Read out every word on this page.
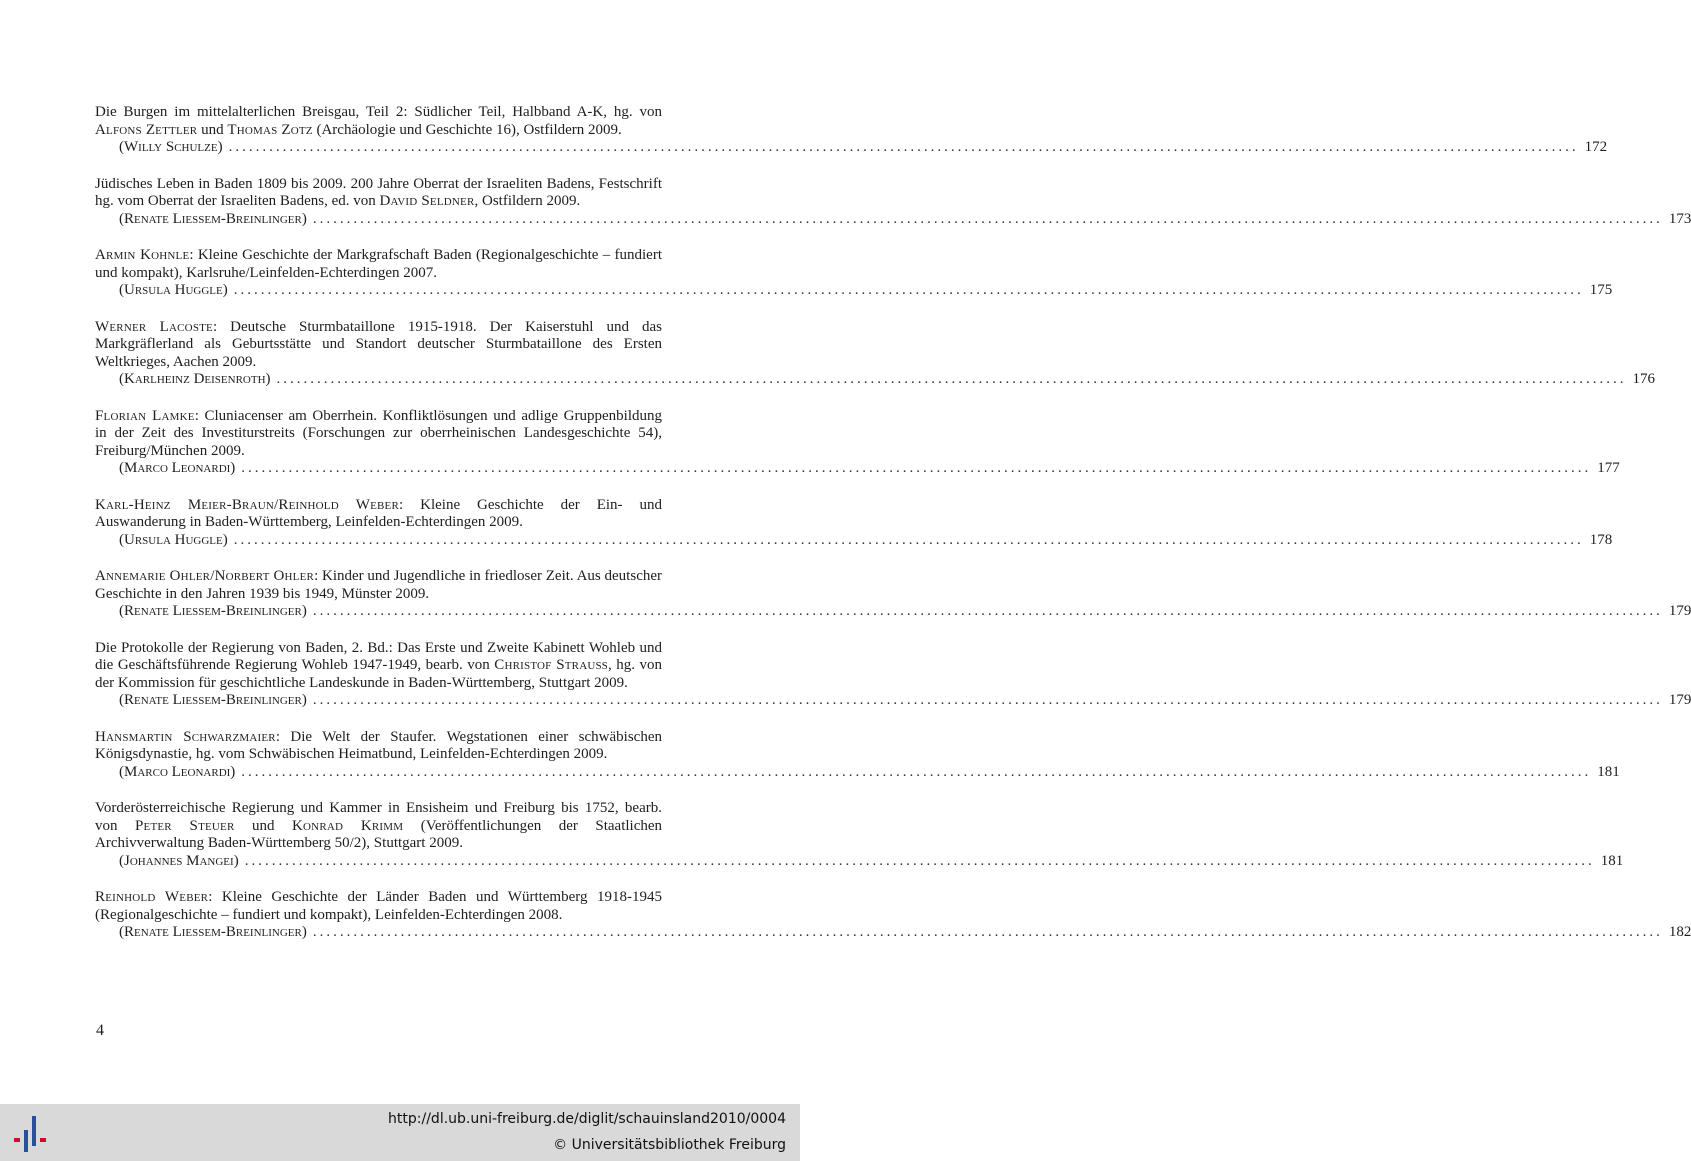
Die Burgen im mittelalterlichen Breisgau, Teil 2: Südlicher Teil, Halbband A-K, hg. von Alfons Zettler und Thomas Zotz (Archäologie und Geschichte 16), Ostfildern 2009.
(Willy Schulze) ........................................................................................................................................................................................................ 172
Jüdisches Leben in Baden 1809 bis 2009. 200 Jahre Oberrat der Israeliten Badens, Festschrift hg. vom Oberrat der Israeliten Badens, ed. von David Seldner, Ostfildern 2009.
(Renate Liessem-Breinlinger) ........................................................................................................................................................................................................ 173
Armin Kohnle: Kleine Geschichte der Markgrafschaft Baden (Regionalgeschichte – fundiert und kompakt), Karlsruhe/Leinfelden-Echterdingen 2007.
(Ursula Huggle) ........................................................................................................................................................................................................ 175
Werner Lacoste: Deutsche Sturmbataillone 1915-1918. Der Kaiserstuhl und das Markgräflerland als Geburtsstätte und Standort deutscher Sturmbataillone des Ersten Weltkrieges, Aachen 2009.
(Karlheinz Deisenroth) ........................................................................................................................................................................................................ 176
Florian Lamke: Cluniacenser am Oberrhein. Konfliktlösungen und adlige Gruppenbildung in der Zeit des Investiturstreits (Forschungen zur oberrheinischen Landesgeschichte 54), Freiburg/München 2009.
(Marco Leonardi) ........................................................................................................................................................................................................ 177
Karl-Heinz Meier-Braun/Reinhold Weber: Kleine Geschichte der Ein- und Auswanderung in Baden-Württemberg, Leinfelden-Echterdingen 2009.
(Ursula Huggle) ........................................................................................................................................................................................................ 178
Annemarie Ohler/Norbert Ohler: Kinder und Jugendliche in friedloser Zeit. Aus deutscher Geschichte in den Jahren 1939 bis 1949, Münster 2009.
(Renate Liessem-Breinlinger) ........................................................................................................................................................................................................ 179
Die Protokolle der Regierung von Baden, 2. Bd.: Das Erste und Zweite Kabinett Wohleb und die Geschäftsführende Regierung Wohleb 1947-1949, bearb. von Christof Strauß, hg. von der Kommission für geschichtliche Landeskunde in Baden-Württemberg, Stuttgart 2009.
(Renate Liessem-Breinlinger) ........................................................................................................................................................................................................ 179
Hansmartin Schwarzmaier: Die Welt der Staufer. Wegstationen einer schwäbischen Königsdynastie, hg. vom Schwäbischen Heimatbund, Leinfelden-Echterdingen 2009.
(Marco Leonardi) ........................................................................................................................................................................................................ 181
Vorderösterreichische Regierung und Kammer in Ensisheim und Freiburg bis 1752, bearb. von Peter Steuer und Konrad Krimm (Veröffentlichungen der Staatlichen Archivverwaltung Baden-Württemberg 50/2), Stuttgart 2009.
(Johannes Mangei) ........................................................................................................................................................................................................ 181
Reinhold Weber: Kleine Geschichte der Länder Baden und Württemberg 1918-1945 (Regionalgeschichte – fundiert und kompakt), Leinfelden-Echterdingen 2008.
(Renate Liessem-Breinlinger) ........................................................................................................................................................................................................ 182
4
http://dl.ub.uni-freiburg.de/diglit/schauinsland2010/0004
© Universitätsbibliothek Freiburg
